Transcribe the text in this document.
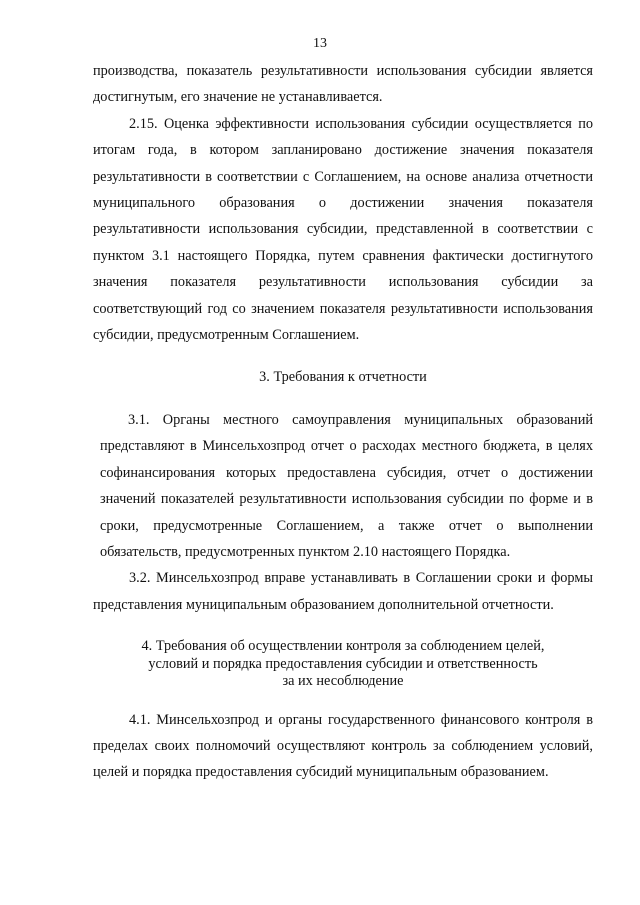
13

производства, показатель результативности использования субсидии является достигнутым, его значение не устанавливается.

2.15. Оценка эффективности использования субсидии осуществляется по итогам года, в котором запланировано достижение значения показателя результативности в соответствии с Соглашением, на основе анализа отчетности муниципального образования о достижении значения показателя результативности использования субсидии, представленной в соответствии с пунктом 3.1 настоящего Порядка, путем сравнения фактически достигнутого значения показателя результативности использования субсидии за соответствующий год со значением показателя результативности использования субсидии, предусмотренным Соглашением.

3. Требования к отчетности

3.1. Органы местного самоуправления муниципальных образований представляют в Минсельхозпрод отчет о расходах местного бюджета, в целях софинансирования которых предоставлена субсидия, отчет о достижении значений показателей результативности использования субсидии по форме и в сроки, предусмотренные Соглашением, а также отчет о выполнении обязательств, предусмотренных пунктом 2.10 настоящего Порядка.

3.2. Минсельхозпрод вправе устанавливать в Соглашении сроки и формы представления муниципальным образованием дополнительной отчетности.

4. Требования об осуществлении контроля за соблюдением целей,
условий и порядка предоставления субсидии и ответственность
за их несоблюдение

4.1. Минсельхозпрод и органы государственного финансового контроля в пределах своих полномочий осуществляют контроль за соблюдением условий, целей и порядка предоставления субсидий муниципальным образованием.
